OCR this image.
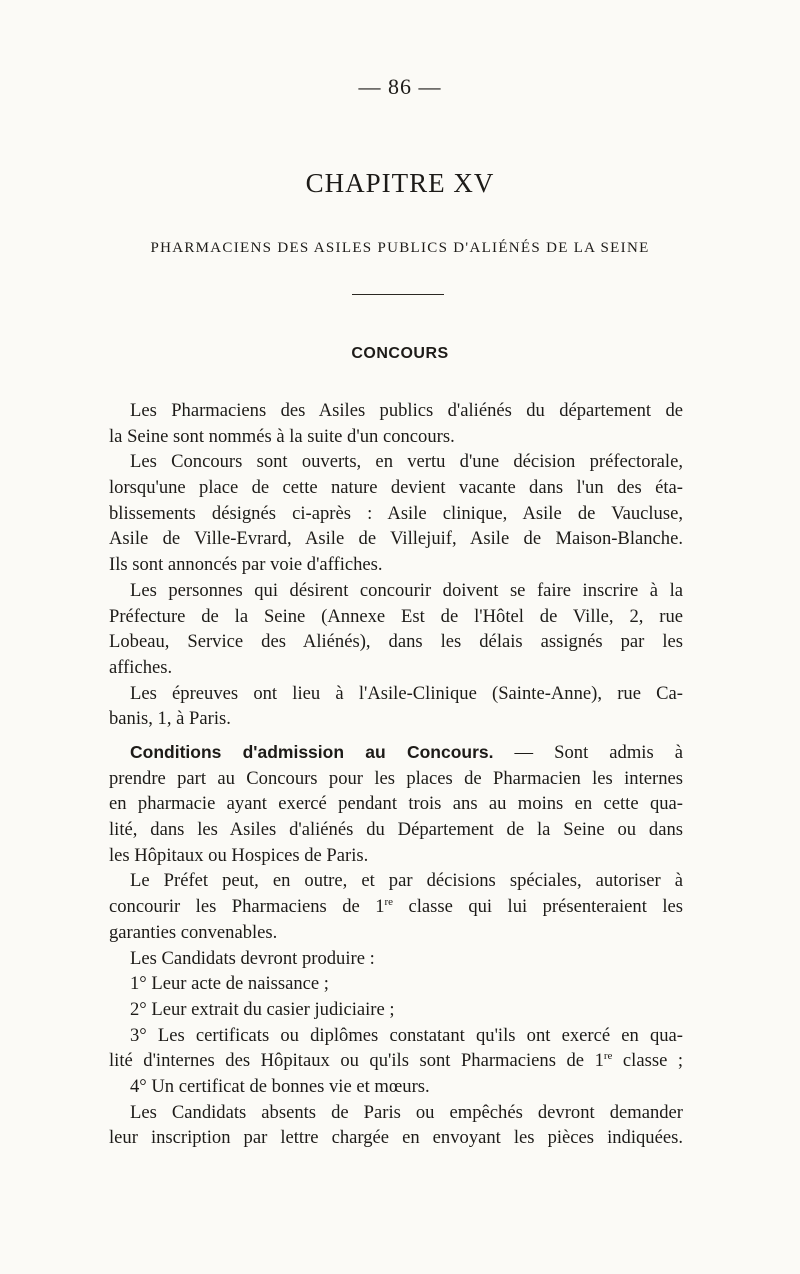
— 86 —
CHAPITRE XV
PHARMACIENS DES ASILES PUBLICS D'ALIÉNÉS DE LA SEINE
CONCOURS
Les Pharmaciens des Asiles publics d'aliénés du département de
la Seine sont nommés à la suite d'un concours.
Les Concours sont ouverts, en vertu d'une décision préfectorale,
lorsqu'une place de cette nature devient vacante dans l'un des éta-
blissements désignés ci-après : Asile clinique, Asile de Vaucluse,
Asile de Ville-Evrard, Asile de Villejuif, Asile de Maison-Blanche.
Ils sont annoncés par voie d'affiches.
Les personnes qui désirent concourir doivent se faire inscrire à la
Préfecture de la Seine (Annexe Est de l'Hôtel de Ville, 2, rue
Lobeau, Service des Aliénés), dans les délais assignés par les
affiches.
Les épreuves ont lieu à l'Asile-Clinique (Sainte-Anne), rue Ca-
banis, 1, à Paris.
Conditions d'admission au Concours. — Sont admis à
prendre part au Concours pour les places de Pharmacien les internes
en pharmacie ayant exercé pendant trois ans au moins en cette qua-
lité, dans les Asiles d'aliénés du Département de la Seine ou dans
les Hôpitaux ou Hospices de Paris.
Le Préfet peut, en outre, et par décisions spéciales, autoriser à
concourir les Pharmaciens de 1re classe qui lui présenteraient les
garanties convenables.
Les Candidats devront produire :
1° Leur acte de naissance ;
2° Leur extrait du casier judiciaire ;
3° Les certificats ou diplômes constatant qu'ils ont exercé en qua-
lité d'internes des Hôpitaux ou qu'ils sont Pharmaciens de 1re classe ;
4° Un certificat de bonnes vie et mœurs.
Les Candidats absents de Paris ou empêchés devront demander
leur inscription par lettre chargée en envoyant les pièces indiquées.
